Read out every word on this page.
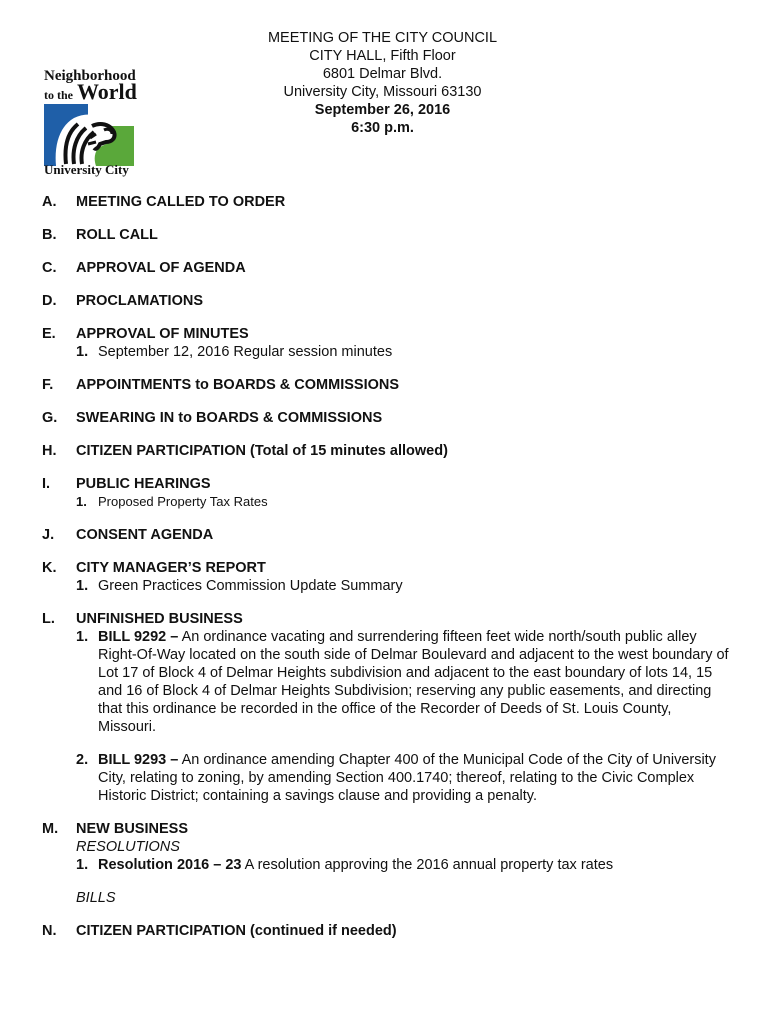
Neighborhood
to the World
University City
MEETING OF THE CITY COUNCIL
CITY HALL, Fifth Floor
6801 Delmar Blvd.
University City, Missouri 63130
September 26, 2016
6:30 p.m.
A. MEETING CALLED TO ORDER
B. ROLL CALL
C. APPROVAL OF AGENDA
D. PROCLAMATIONS
E. APPROVAL OF MINUTES
1. September 12, 2016 Regular session minutes
F. APPOINTMENTS to BOARDS & COMMISSIONS
G. SWEARING IN to BOARDS & COMMISSIONS
H. CITIZEN PARTICIPATION (Total of 15 minutes allowed)
I. PUBLIC HEARINGS
1. Proposed Property Tax Rates
J. CONSENT AGENDA
K. CITY MANAGER’S REPORT
1. Green Practices Commission Update Summary
L. UNFINISHED BUSINESS
1. BILL 9292 – An ordinance vacating and surrendering fifteen feet wide north/south public alley Right-Of-Way located on the south side of Delmar Boulevard and adjacent to the west boundary of Lot 17 of Block 4 of Delmar Heights subdivision and adjacent to the east boundary of lots 14, 15 and 16 of Block 4 of Delmar Heights Subdivision; reserving any public easements, and directing that this ordinance be recorded in the office of the Recorder of Deeds of St. Louis County, Missouri.
2. BILL 9293 – An ordinance amending Chapter 400 of the Municipal Code of the City of University City, relating to zoning, by amending Section 400.1740; thereof, relating to the Civic Complex Historic District; containing a savings clause and providing a penalty.
M. NEW BUSINESS
RESOLUTIONS
1. Resolution 2016 – 23 A resolution approving the 2016 annual property tax rates
BILLS
N. CITIZEN PARTICIPATION (continued if needed)
